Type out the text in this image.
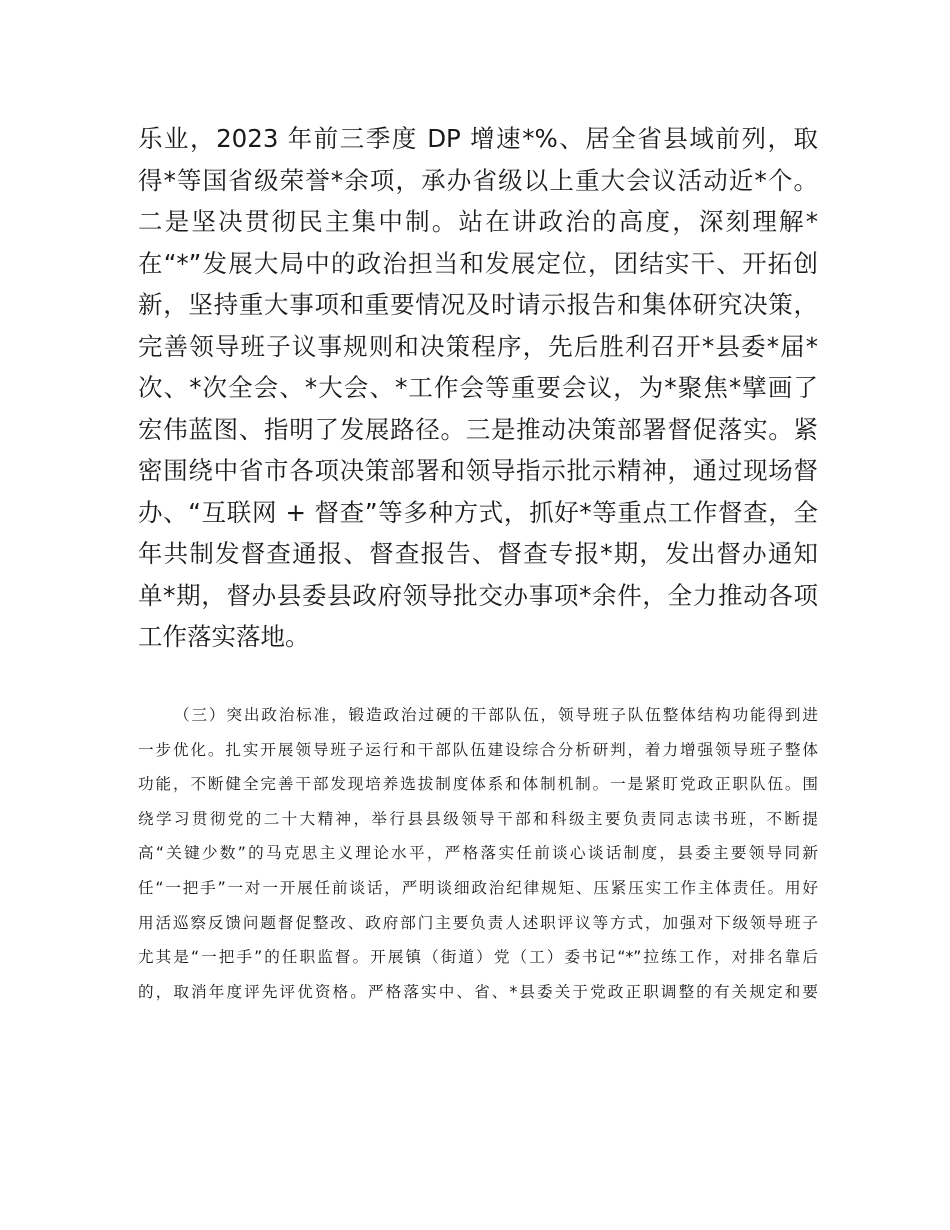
乐业，2023 年前三季度 DP 增速*%、居全省县域前列，取
得*等国省级荣誉*余项，承办省级以上重大会议活动近*个。
二是坚决贯彻民主集中制。站在讲政治的高度，深刻理解*
在“*”发展大局中的政治担当和发展定位，团结实干、开拓创
新，坚持重大事项和重要情况及时请示报告和集体研究决策，
完善领导班子议事规则和决策程序，先后胜利召开*县委*届*
次、*次全会、*大会、*工作会等重要会议，为*聚焦*擘画了
宏伟蓝图、指明了发展路径。三是推动决策部署督促落实。紧
密围绕中省市各项决策部署和领导指示批示精神，通过现场督
办、“互联网 + 督查”等多种方式，抓好*等重点工作督查，全
年共制发督查通报、督查报告、督查专报*期，发出督办通知
单*期，督办县委县政府领导批交办事项*余件，全力推动各项
工作落实落地。
（三）突出政治标准，锻造政治过硬的干部队伍，领导班子队伍整体结构功能得到进
一步优化。扎实开展领导班子运行和干部队伍建设综合分析研判，着力增强领导班子整体
功能，不断健全完善干部发现培养选拔制度体系和体制机制。一是紧盯党政正职队伍。围
绕学习贯彻党的二十大精神，举行县县级领导干部和科级主要负责同志读书班，不断提
高“关键少数”的马克思主义理论水平，严格落实任前谈心谈话制度，县委主要领导同新
任“一把手”一对一开展任前谈话，严明谈细政治纪律规矩、压紧压实工作主体责任。用好
用活巡察反馈问题督促整改、政府部门主要负责人述职评议等方式，加强对下级领导班子
尤其是“一把手”的任职监督。开展镇（街道）党（工）委书记“*”拉练工作，对排名靠后
的，取消年度评先评优资格。严格落实中、省、*县委关于党政正职调整的有关规定和要
